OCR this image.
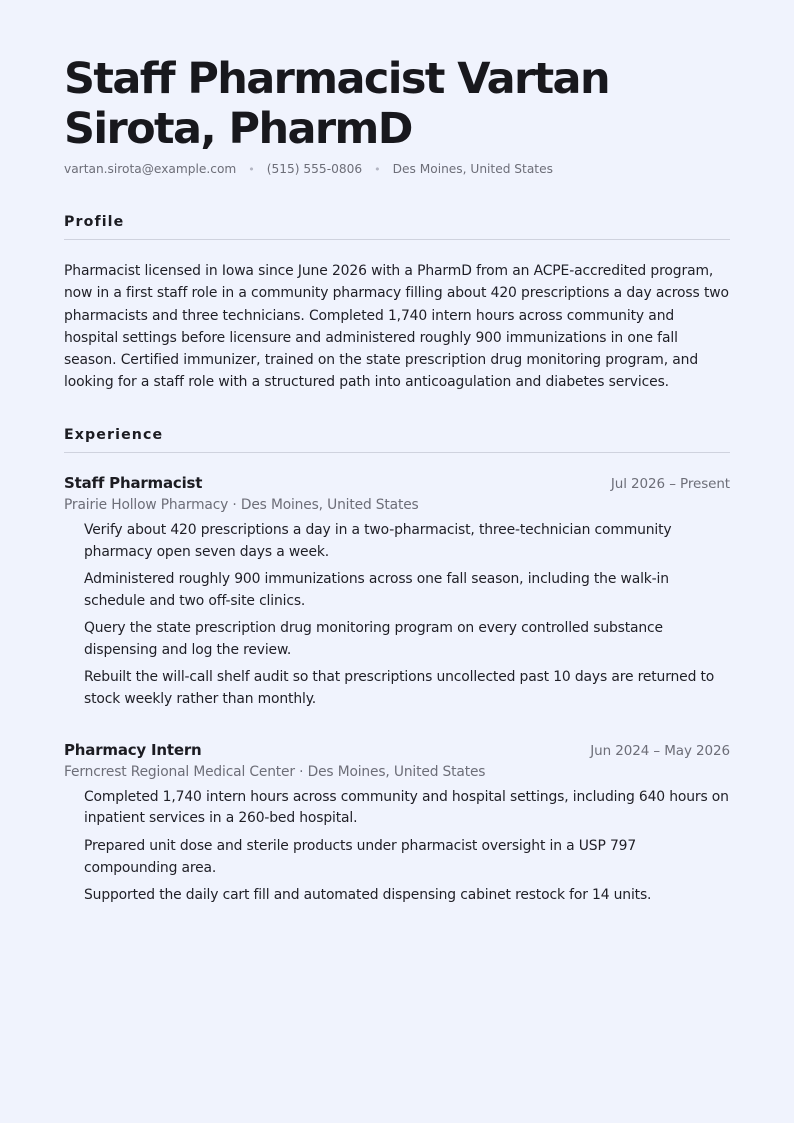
Staff Pharmacist Vartan Sirota, PharmD
vartan.sirota@example.com • (515) 555-0806 • Des Moines, United States
Profile
Pharmacist licensed in Iowa since June 2026 with a PharmD from an ACPE-accredited program, now in a first staff role in a community pharmacy filling about 420 prescriptions a day across two pharmacists and three technicians. Completed 1,740 intern hours across community and hospital settings before licensure and administered roughly 900 immunizations in one fall season. Certified immunizer, trained on the state prescription drug monitoring program, and looking for a staff role with a structured path into anticoagulation and diabetes services.
Experience
Staff Pharmacist	Jul 2026 – Present
Prairie Hollow Pharmacy · Des Moines, United States
Verify about 420 prescriptions a day in a two-pharmacist, three-technician community pharmacy open seven days a week.
Administered roughly 900 immunizations across one fall season, including the walk-in schedule and two off-site clinics.
Query the state prescription drug monitoring program on every controlled substance dispensing and log the review.
Rebuilt the will-call shelf audit so that prescriptions uncollected past 10 days are returned to stock weekly rather than monthly.
Pharmacy Intern	Jun 2024 – May 2026
Ferncrest Regional Medical Center · Des Moines, United States
Completed 1,740 intern hours across community and hospital settings, including 640 hours on inpatient services in a 260-bed hospital.
Prepared unit dose and sterile products under pharmacist oversight in a USP 797 compounding area.
Supported the daily cart fill and automated dispensing cabinet restock for 14 units.
